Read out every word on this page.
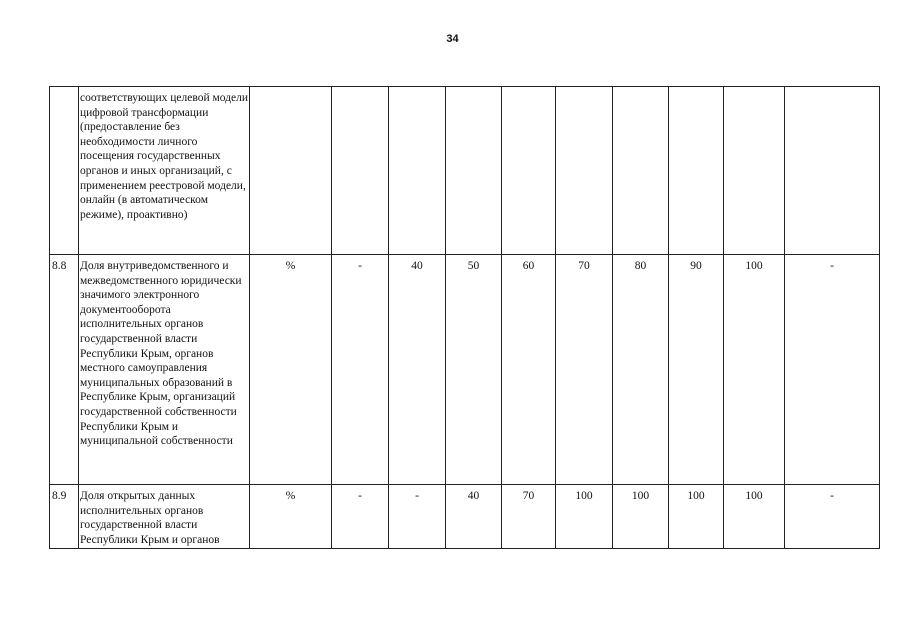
34
	соответствующих целевой модели цифровой трансформации (предоставление без необходимости личного посещения государственных органов и иных организаций, с применением реестровой модели, онлайн (в автоматическом режиме), проактивно)										
8.8	Доля внутриведомственного и межведомственного юридически значимого электронного документооборота исполнительных органов государственной власти Республики Крым, органов местного самоуправления муниципальных образований в Республике Крым, организаций государственной собственности Республики Крым и муниципальной собственности	%	-	40	50	60	70	80	90	100	-
8.9	Доля открытых данных исполнительных органов государственной власти Республики Крым и органов	%	-	-	40	70	100	100	100	100	-
